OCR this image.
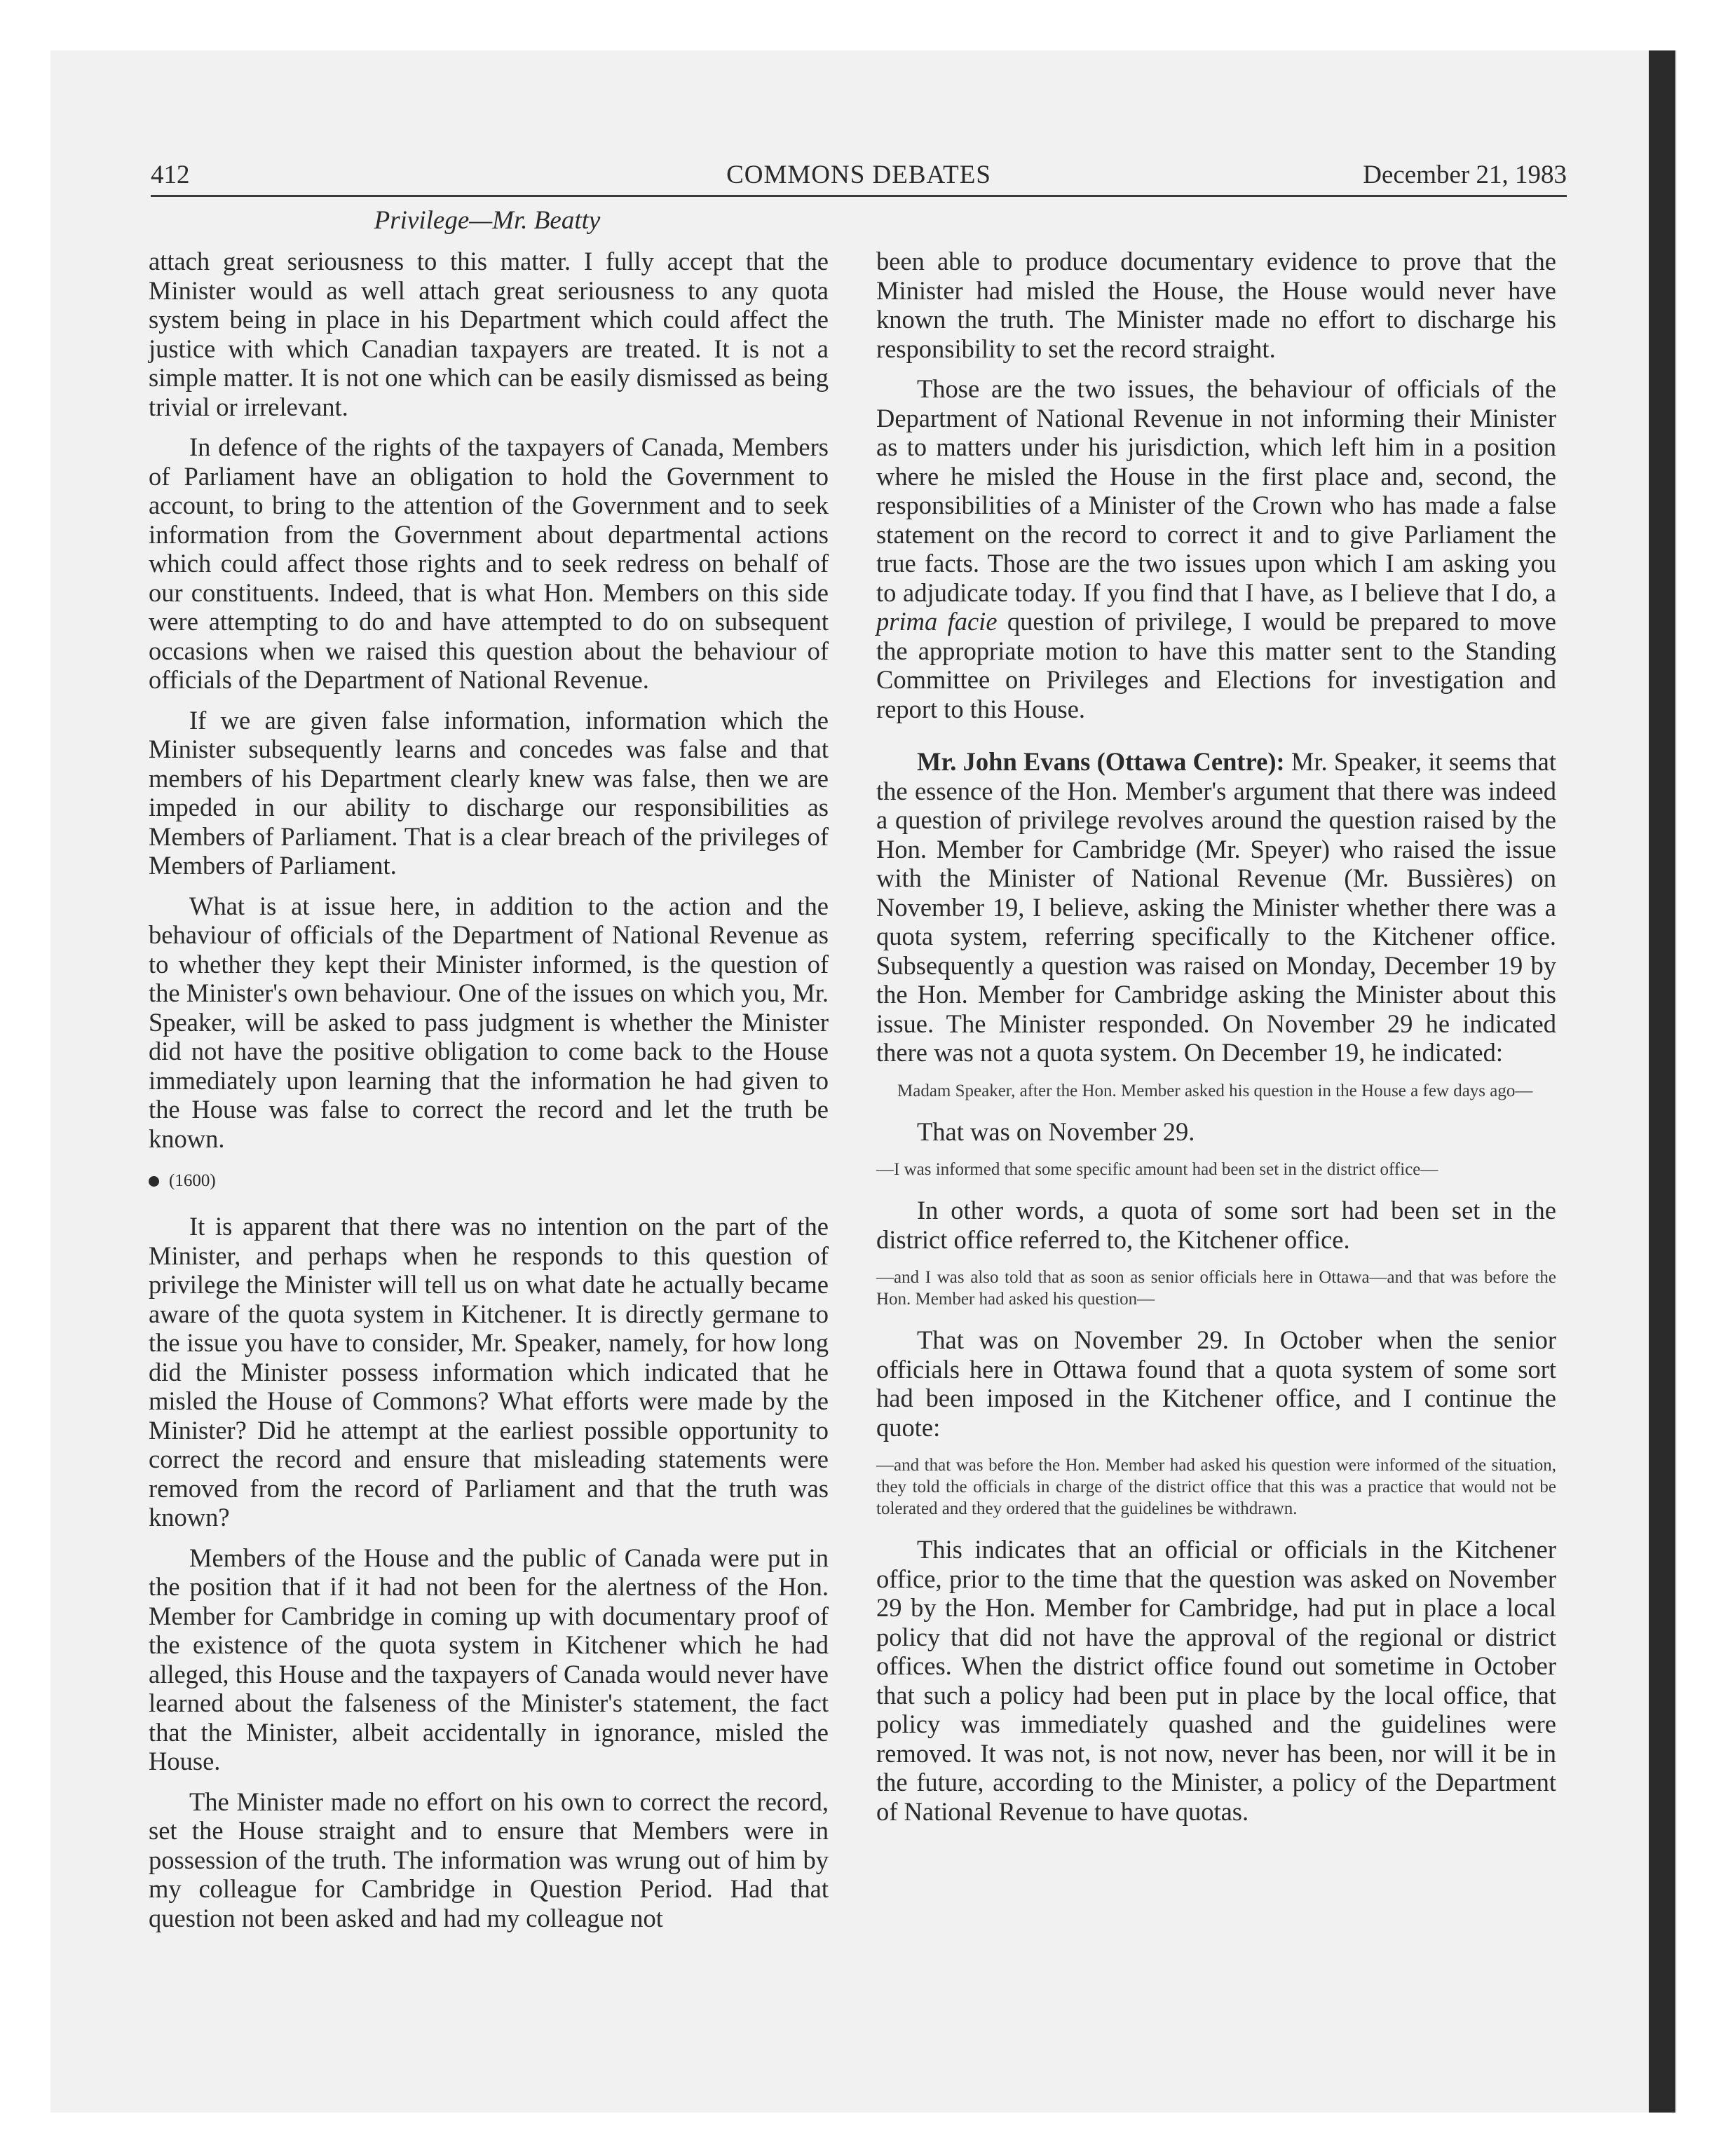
412	COMMONS DEBATES	December 21, 1983
Privilege—Mr. Beatty

attach great seriousness to this matter. I fully accept that the Minister would as well attach great seriousness to any quota system being in place in his Department which could affect the justice with which Canadian taxpayers are treated. It is not a simple matter. It is not one which can be easily dismissed as being trivial or irrelevant.

In defence of the rights of the taxpayers of Canada, Members of Parliament have an obligation to hold the Government to account, to bring to the attention of the Government and to seek information from the Government about departmental actions which could affect those rights and to seek redress on behalf of our constituents. Indeed, that is what Hon. Members on this side were attempting to do and have attempted to do on subsequent occasions when we raised this question about the behaviour of officials of the Department of National Revenue.

If we are given false information, information which the Minister subsequently learns and concedes was false and that members of his Department clearly knew was false, then we are impeded in our ability to discharge our responsibilities as Members of Parliament. That is a clear breach of the privileges of Members of Parliament.

What is at issue here, in addition to the action and the behaviour of officials of the Department of National Revenue as to whether they kept their Minister informed, is the question of the Minister's own behaviour. One of the issues on which you, Mr. Speaker, will be asked to pass judgment is whether the Minister did not have the positive obligation to come back to the House immediately upon learning that the information he had given to the House was false to correct the record and let the truth be known.

(1600)

It is apparent that there was no intention on the part of the Minister, and perhaps when he responds to this question of privilege the Minister will tell us on what date he actually became aware of the quota system in Kitchener. It is directly germane to the issue you have to consider, Mr. Speaker, namely, for how long did the Minister possess information which indicated that he misled the House of Commons? What efforts were made by the Minister? Did he attempt at the earliest possible opportunity to correct the record and ensure that misleading statements were removed from the record of Parliament and that the truth was known?

Members of the House and the public of Canada were put in the position that if it had not been for the alertness of the Hon. Member for Cambridge in coming up with documentary proof of the existence of the quota system in Kitchener which he had alleged, this House and the taxpayers of Canada would never have learned about the falseness of the Minister's statement, the fact that the Minister, albeit accidentally in ignorance, misled the House.

The Minister made no effort on his own to correct the record, set the House straight and to ensure that Members were in possession of the truth. The information was wrung out of him by my colleague for Cambridge in Question Period. Had that question not been asked and had my colleague not

been able to produce documentary evidence to prove that the Minister had misled the House, the House would never have known the truth. The Minister made no effort to discharge his responsibility to set the record straight.

Those are the two issues, the behaviour of officials of the Department of National Revenue in not informing their Minister as to matters under his jurisdiction, which left him in a position where he misled the House in the first place and, second, the responsibilities of a Minister of the Crown who has made a false statement on the record to correct it and to give Parliament the true facts. Those are the two issues upon which I am asking you to adjudicate today. If you find that I have, as I believe that I do, a prima facie question of privilege, I would be prepared to move the appropriate motion to have this matter sent to the Standing Committee on Privileges and Elections for investigation and report to this House.

Mr. John Evans (Ottawa Centre): Mr. Speaker, it seems that the essence of the Hon. Member's argument that there was indeed a question of privilege revolves around the question raised by the Hon. Member for Cambridge (Mr. Speyer) who raised the issue with the Minister of National Revenue (Mr. Bussières) on November 19, I believe, asking the Minister whether there was a quota system, referring specifically to the Kitchener office. Subsequently a question was raised on Monday, December 19 by the Hon. Member for Cambridge asking the Minister about this issue. The Minister responded. On November 29 he indicated there was not a quota system. On December 19, he indicated:

Madam Speaker, after the Hon. Member asked his question in the House a few days ago—

That was on November 29.

—I was informed that some specific amount had been set in the district office—

In other words, a quota of some sort had been set in the district office referred to, the Kitchener office.

—and I was also told that as soon as senior officials here in Ottawa—and that was before the Hon. Member had asked his question—

That was on November 29. In October when the senior officials here in Ottawa found that a quota system of some sort had been imposed in the Kitchener office, and I continue the quote:

—and that was before the Hon. Member had asked his question were informed of the situation, they told the officials in charge of the district office that this was a practice that would not be tolerated and they ordered that the guidelines be withdrawn.

This indicates that an official or officials in the Kitchener office, prior to the time that the question was asked on November 29 by the Hon. Member for Cambridge, had put in place a local policy that did not have the approval of the regional or district offices. When the district office found out sometime in October that such a policy had been put in place by the local office, that policy was immediately quashed and the guidelines were removed. It was not, is not now, never has been, nor will it be in the future, according to the Minister, a policy of the Department of National Revenue to have quotas.
